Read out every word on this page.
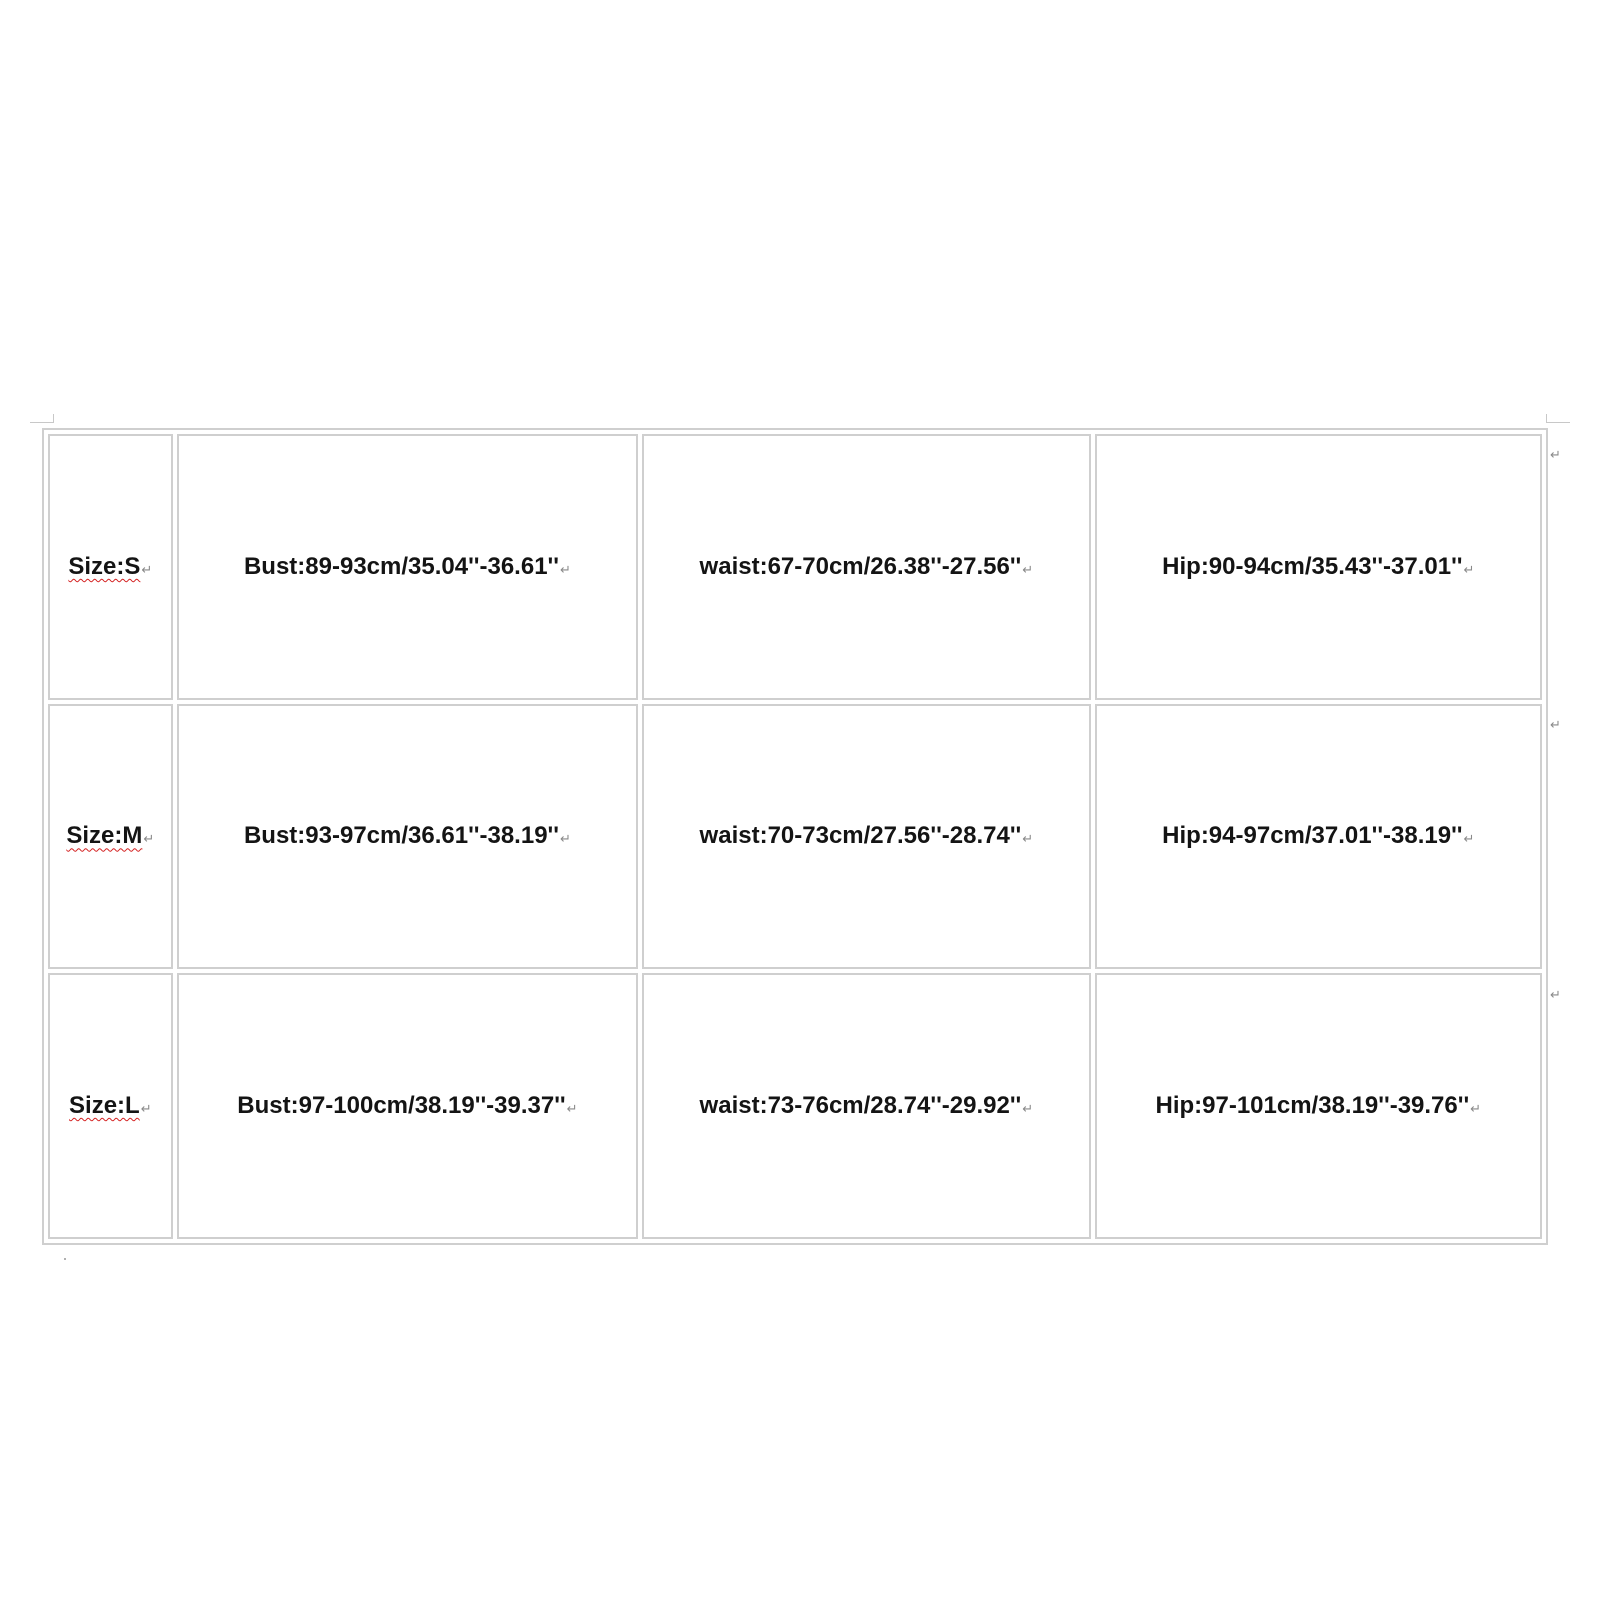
Size:S↵	Bust:89-93cm/35.04''-36.61''↵	waist:67-70cm/26.38''-27.56''↵	Hip:90-94cm/35.43''-37.01''↵
Size:M↵	Bust:93-97cm/36.61''-38.19''↵	waist:70-73cm/27.56''-28.74''↵	Hip:94-97cm/37.01''-38.19''↵
Size:L↵	Bust:97-100cm/38.19''-39.37''↵	waist:73-76cm/28.74''-29.92''↵	Hip:97-101cm/38.19''-39.76''↵
↵
↵
↵
